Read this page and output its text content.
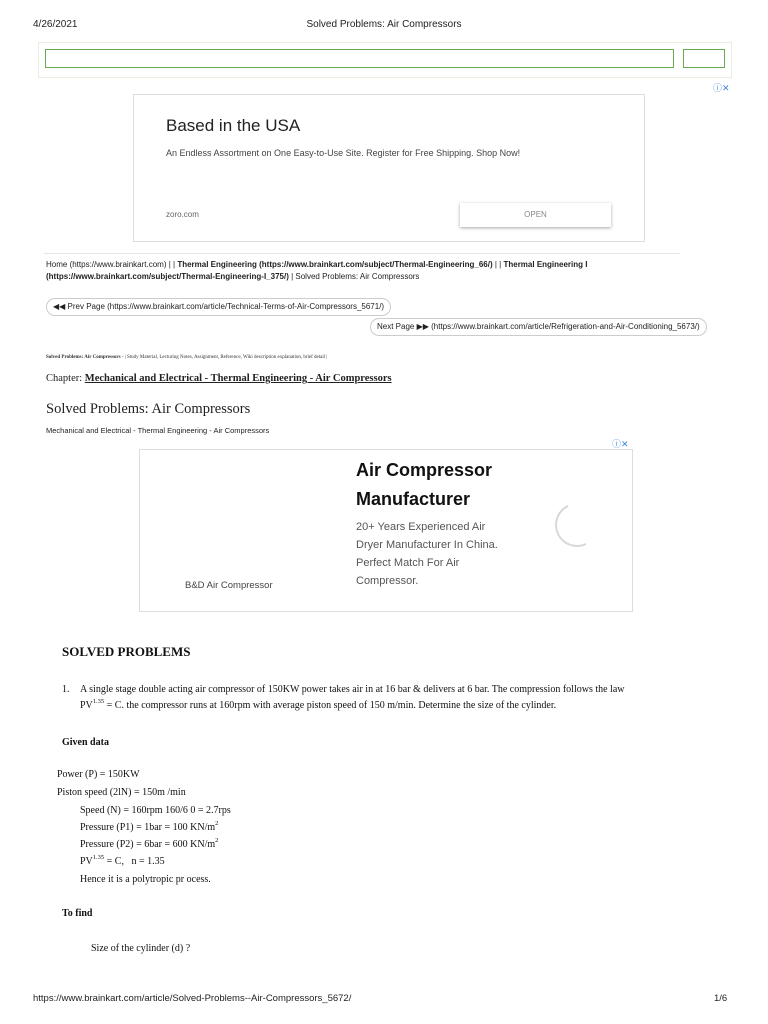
4/26/2021	Solved Problems: Air Compressors
ⓘ✕
Based in the USA
An Endless Assortment on One Easy-to-Use Site. Register for Free Shipping. Shop Now!
zoro.com	OPEN
Home (https://www.brainkart.com) | | Thermal Engineering (https://www.brainkart.com/subject/Thermal-Engineering_66/) | | Thermal Engineering I
(https://www.brainkart.com/subject/Thermal-Engineering-I_375/) | Solved Problems: Air Compressors
◀◀ Prev Page (https://www.brainkart.com/article/Technical-Terms-of-Air-Compressors_5671/)
Next Page ▶▶ (https://www.brainkart.com/article/Refrigeration-and-Air-Conditioning_5673/)
Solved Problems: Air Compressors - | Study Material, Lecturing Notes, Assignment, Reference, Wiki description explanation, brief detail |
Chapter: Mechanical and Electrical - Thermal Engineering - Air Compressors
Solved Problems: Air Compressors
Mechanical and Electrical - Thermal Engineering - Air Compressors
ⓘ✕
Air Compressor
Manufacturer
20+ Years Experienced Air
Dryer Manufacturer In China.
Perfect Match For Air
Compressor.
B&D Air Compressor
SOLVED PROBLEMS
1. A single stage double acting air compressor of 150KW power takes air in at 16 bar & delivers at 6 bar. The compression follows the law
$PV^{1.35} = C$. the compressor runs at 160rpm with average piston speed of 150 m/min. Determine the size of the cylinder.
Given data
Power (P) = 150KW
Piston speed (2lN) = 150m /min
Speed (N) = 160rpm 160/6 0 = 2.7rps
Pressure (P1) = 1bar = 100 $KN/m^2$
Pressure (P2) = 6bar = 600 $KN/m^2$
$PV^{1.35} = C$,   n = 1.35
Hence it is a polytropic pr ocess.
To find
Size of the cylinder (d) ?
https://www.brainkart.com/article/Solved-Problems--Air-Compressors_5672/	1/6
